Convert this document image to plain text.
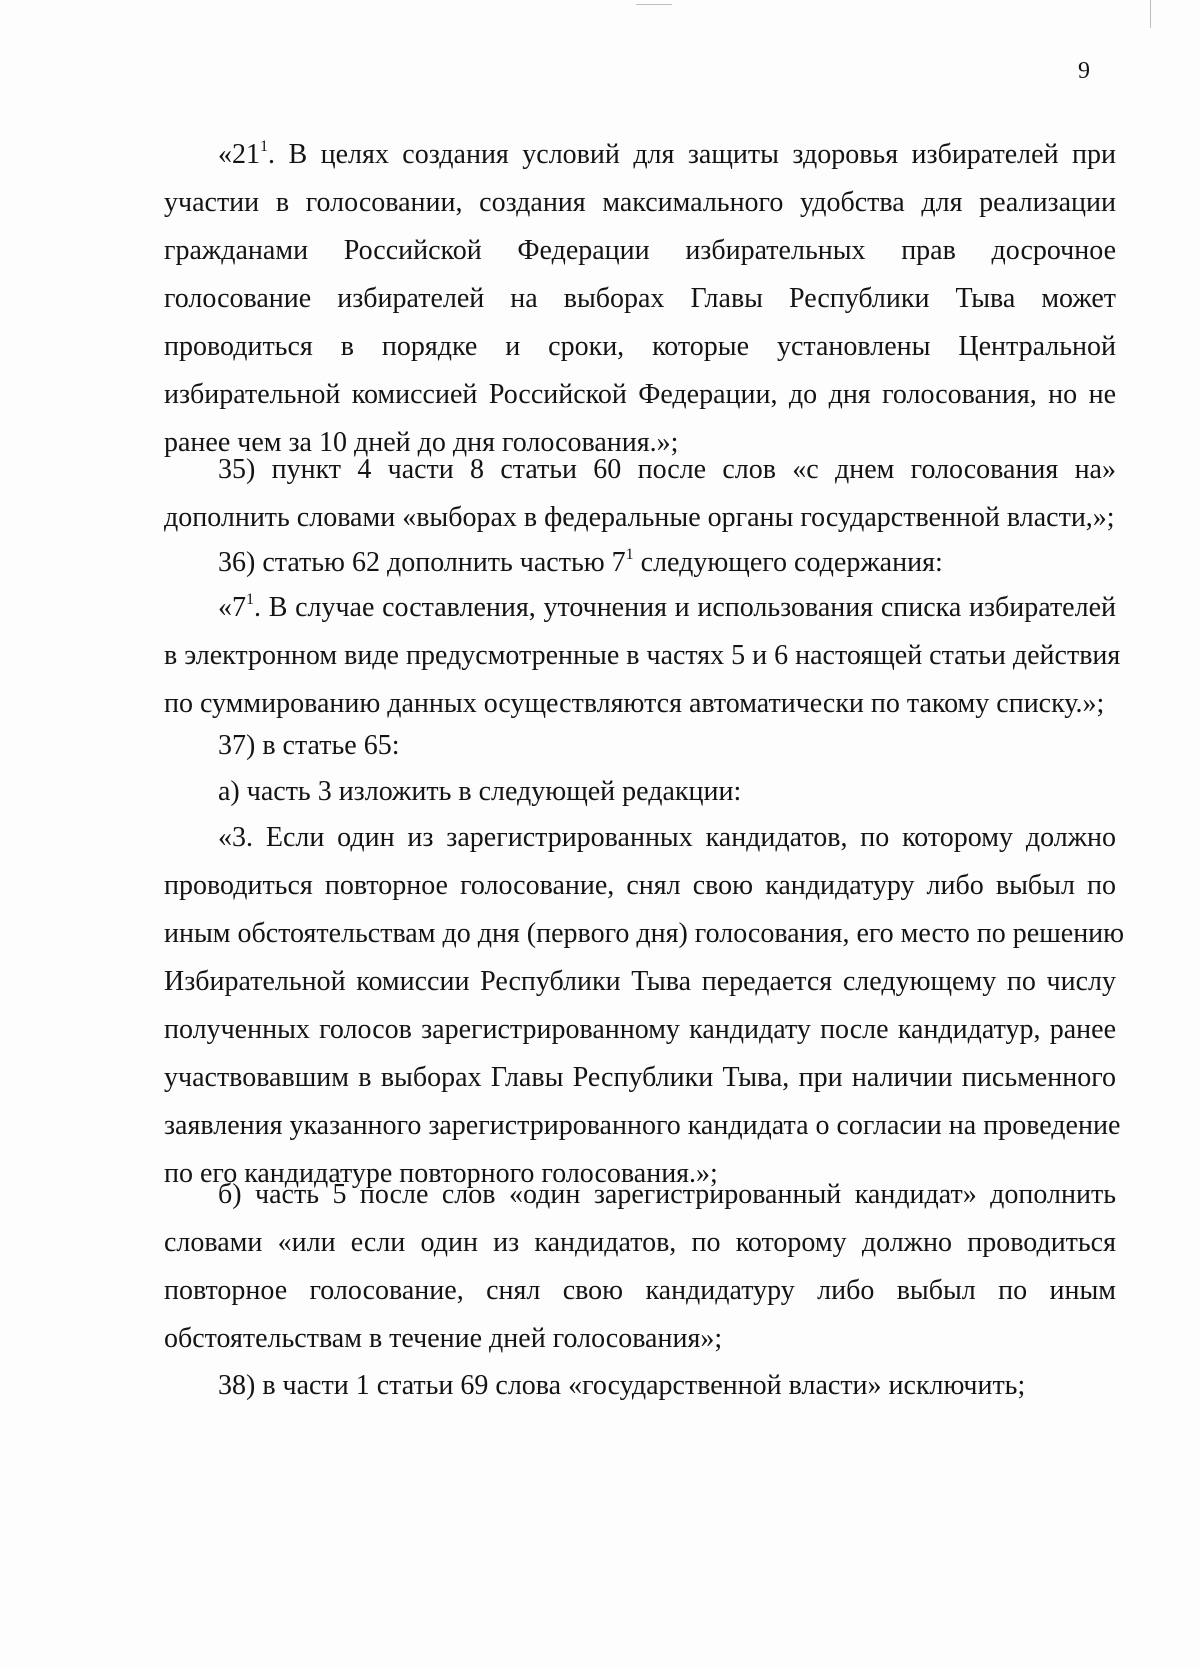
9
«$21^1$. В целях создания условий для защиты здоровья избирателей при
участии в голосовании, создания максимального удобства для реализации
гражданами Российской Федерации избирательных прав досрочное
голосование избирателей на выборах Главы Республики Тыва может
проводиться в порядке и сроки, которые установлены Центральной
избирательной комиссией Российской Федерации, до дня голосования, но не
ранее чем за 10 дней до дня голосования.»;
35) пункт 4 части 8 статьи 60 после слов «с днем голосования на»
дополнить словами «выборах в федеральные органы государственной власти,»;
36) статью 62 дополнить частью $7^1$ следующего содержания:
«$7^1$. В случае составления, уточнения и использования списка избирателей
в электронном виде предусмотренные в частях 5 и 6 настоящей статьи действия
по суммированию данных осуществляются автоматически по такому списку.»;
37) в статье 65:
а) часть 3 изложить в следующей редакции:
«3. Если один из зарегистрированных кандидатов, по которому должно
проводиться повторное голосование, снял свою кандидатуру либо выбыл по
иным обстоятельствам до дня (первого дня) голосования, его место по решению
Избирательной комиссии Республики Тыва передается следующему по числу
полученных голосов зарегистрированному кандидату после кандидатур, ранее
участвовавшим в выборах Главы Республики Тыва, при наличии письменного
заявления указанного зарегистрированного кандидата о согласии на проведение
по его кандидатуре повторного голосования.»;
б) часть 5 после слов «один зарегистрированный кандидат» дополнить
словами «или если один из кандидатов, по которому должно проводиться
повторное голосование, снял свою кандидатуру либо выбыл по иным
обстоятельствам в течение дней голосования»;
38) в части 1 статьи 69 слова «государственной власти» исключить;
